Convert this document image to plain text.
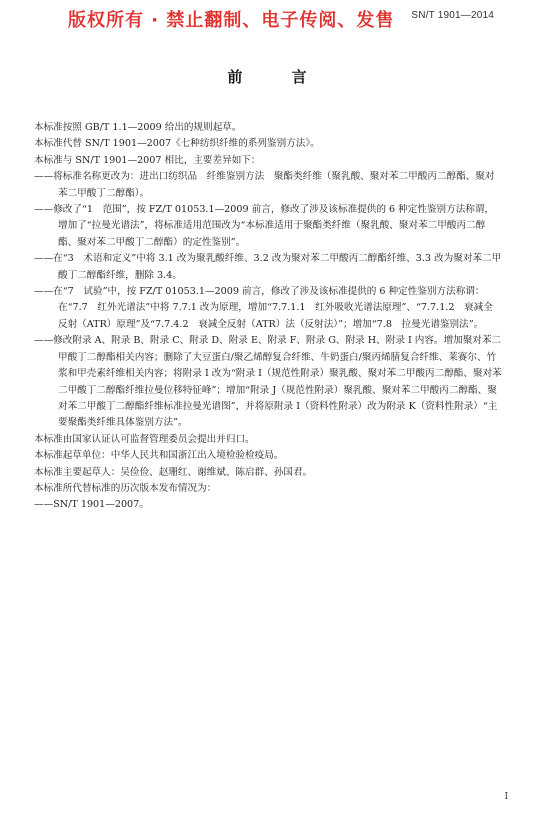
SN/T 1901—2014
版权所有 · 禁止翻制、电子传阅、发售
前 言

本标准按照 GB/T 1.1—2009 给出的规则起草。

本标准代替 SN/T 1901—2007《七种纺织纤维的系列鉴别方法》。

本标准与 SN/T 1901—2007 相比，主要差异如下：

——将标准名称更改为：进出口纺织品　纤维鉴别方法　聚酯类纤维（聚乳酸、聚对苯二甲酸丙二醇酯、聚对苯二甲酸丁二醇酯）。

——修改了“1　范围”，按 FZ/T 01053.1—2009 前言，修改了涉及该标准提供的 6 种定性鉴别方法称谓，增加了“拉曼光谱法”，将标准适用范围改为“本标准适用于聚酯类纤维（聚乳酸、聚对苯二甲酸丙二醇酯、聚对苯二甲酸丁二醇酯）的定性鉴别”。

——在“3　术语和定义”中将 3.1 改为聚乳酸纤维、3.2 改为聚对苯二甲酸丙二醇酯纤维、3.3 改为聚对苯二甲酸丁二醇酯纤维，删除 3.4。

——在“7　试验”中，按 FZ/T 01053.1—2009 前言，修改了涉及该标准提供的 6 种定性鉴别方法称谓：在“7.7　红外光谱法”中将 7.7.1 改为原理，增加“7.7.1.1　红外吸收光谱法原理”、“7.7.1.2　衰减全反射（ATR）原理”及“7.7.4.2　衰减全反射（ATR）法（反射法）”；增加“7.8　拉曼光谱鉴别法”。

——修改附录 A、附录 B、附录 C、附录 D、附录 E、附录 F、附录 G、附录 H、附录 I 内容。增加聚对苯二甲酸丁二醇酯相关内容；删除了大豆蛋白/聚乙烯醇复合纤维、牛奶蛋白/聚丙烯腈复合纤维、莱赛尔、竹浆和甲壳素纤维相关内容；将附录 I 改为“附录 I（规范性附录）聚乳酸、聚对苯二甲酸丙二醇酯、聚对苯二甲酸丁二醇酯纤维拉曼位移特征峰”；增加“附录 J（规范性附录）聚乳酸、聚对苯二甲酸丙二醇酯、聚对苯二甲酸丁二醇酯纤维标准拉曼光谱图”，并将原附录 I（资料性附录）改为附录 K（资料性附录）“主要聚酯类纤维具体鉴别方法”。

本标准由国家认证认可监督管理委员会提出并归口。

本标准起草单位：中华人民共和国浙江出入境检验检疫局。

本标准主要起草人：吴俭俭、赵珊红、谢维斌、陈启群、孙国君。

本标准所代替标准的历次版本发布情况为：

——SN/T 1901—2007。

I
